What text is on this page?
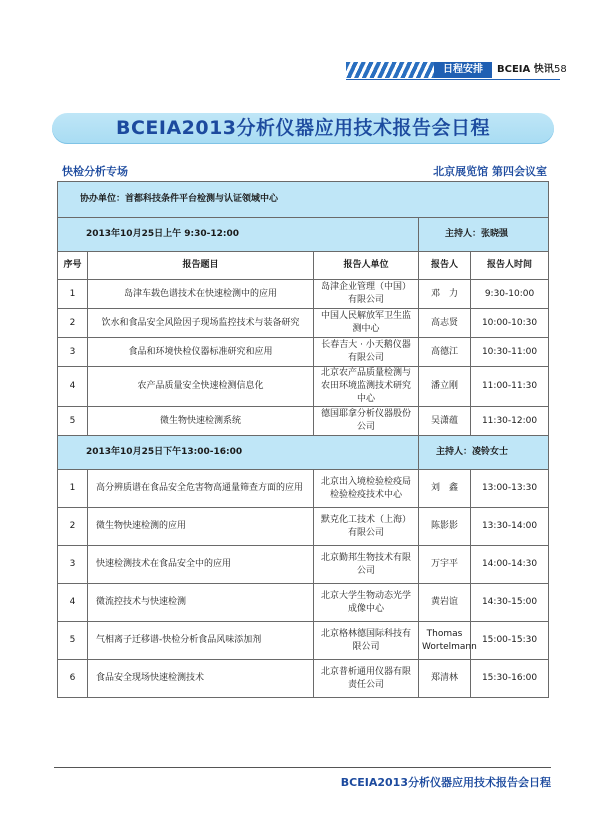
日程安排	BCEIA 快讯 58
BCEIA2013分析仪器应用技术报告会日程
快检分析专场	北京展览馆 第四会议室
协办单位：首都科技条件平台检测与认证领域中心				
2013年10月25日上午 9:30-12:00			主持人：张晓强	
序号	报告题目	报告人单位	报告人	报告人时间
1	岛津车载色谱技术在快速检测中的应用	岛津企业管理（中国）有限公司	邓　力	9:30-10:00
2	饮水和食品安全风险因子现场监控技术与装备研究	中国人民解放军卫生监测中心	高志贤	10:00-10:30
3	食品和环境快检仪器标准研究和应用	长春吉大 · 小天鹅仪器有限公司	高德江	10:30-11:00
4	农产品质量安全快速检测信息化	北京农产品质量检测与农田环境监测技术研究中心	潘立刚	11:00-11:30
5	微生物快速检测系统	德国耶拿分析仪器股份公司	吴潇蕴	11:30-12:00
2013年10月25日下午13:00-16:00			主持人：凌铃女士	
1	高分辨质谱在食品安全危害物高通量筛查方面的应用	北京出入境检验检疫局检验检疫技术中心	刘　鑫	13:00-13:30
2	微生物快速检测的应用	默克化工技术（上海）有限公司	陈影影	13:30-14:00
3	快速检测技术在食品安全中的应用	北京勤邦生物技术有限公司	万宇平	14:00-14:30
4	微流控技术与快速检测	北京大学生物动态光学成像中心	黄岩谊	14:30-15:00
5	气相离子迁移谱-快检分析食品风味添加剂	北京格林德国际科技有限公司	Thomas Wortelmann	15:00-15:30
6	食品安全现场快速检测技术	北京普析通用仪器有限责任公司	郑清林	15:30-16:00
BCEIA2013分析仪器应用技术报告会日程
